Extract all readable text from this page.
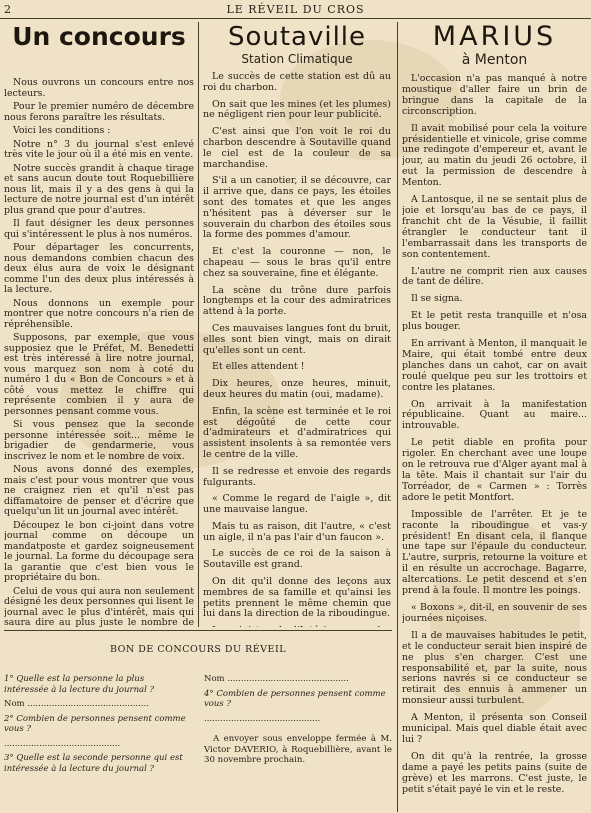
2	LE RÉVEIL DU CROS
Un concours

Nous ouvrons un concours entre nos lecteurs.

Pour le premier numéro de décembre nous ferons paraître les résultats.

Voici les conditions :

Notre n° 3 du journal s'est enlevé très vite le jour où il a été mis en vente.

Notre succès grandit à chaque tirage et sans aucun doute tout Roquebillière nous lit, mais il y a des gens à qui la lecture de notre journal est d'un intérêt plus grand que pour d'autres.

Il faut désigner les deux personnes qui s'intéressent le plus à nos numéros.

Pour départager les concurrents, nous demandons combien chacun des deux élus aura de voix le désignant comme l'un des deux plus intéressés à la lecture.

Nous donnons un exemple pour montrer que notre concours n'a rien de répréhensible.

Supposons, par exemple, que vous supposiez que le Préfet, M. Benedetti est très intéressé à lire notre journal, vous marquez son nom à coté du numéro 1 du « Bon de Concours » et à côté vous mettez le chiffre qui représente combien il y aura de personnes pensant comme vous.

Si vous pensez que la seconde personne intéressée soit... même le brigadier de gendarmerie, vous inscrivez le nom et le nombre de voix.

Nous avons donné des exemples, mais c'est pour vous montrer que vous ne craignez rien et qu'il n'est pas diffamatoire de penser et d'écrire que quelqu'un lit un journal avec intérêt.

Découpez le bon ci-joint dans votre journal comme on découpe un mandatposte et gardez soigneusement le journal. La forme du découpage sera la garantie que c'est bien vous le propriétaire du bon.

Celui de vous qui aura non seulement désigné les deux personnes qui lisent le journal avec le plus d'intérêt, mais qui saura dire au plus juste le nombre de

Soutaville
Station Climatique

Le succès de cette station est dû au roi du charbon.

On sait que les mines (et les plumes) ne négligent rien pour leur publicité.

C'est ainsi que l'on voit le roi du charbon descendre à Soutaville quand le ciel est de la couleur de sa marchandise.

S'il a un canotier, il se découvre, car il arrive que, dans ce pays, les étoiles sont des tomates et que les anges n'hésitent pas à déverser sur le souverain du charbon des étoiles sous la forme des pommes d'amour.

Et c'est la couronne — non, le chapeau — sous le bras qu'il entre chez sa souveraine, fine et élégante.

La scène du trône dure parfois longtemps et la cour des admiratrices attend à la porte.

Ces mauvaises langues font du bruit, elles sont bien vingt, mais on dirait qu'elles sont un cent.

Et elles attendent !

Dix heures, onze heures, minuit, deux heures du matin (oui, madame).

Enfin, la scène est terminée et le roi est dégoûté de cette cour d'admirateurs et d'admiratrices qui assistent insolents à sa remontée vers le centre de la ville.

Il se redresse et envoie des regards fulgurants.

« Comme le regard de l'aigle », dit une mauvaise langue.

Mais tu as raison, dit l'autre, « c'est un aigle, il n'a pas l'air d'un faucon ».

Le succès de ce roi de la saison à Soutaville est grand.

On dit qu'il donne des leçons aux membres de sa famille et qu'ainsi les petits prennent le même chemin que lui dans la direction de la riboudingue.

MARIUS
à Menton

L'occasion n'a pas manqué à notre moustique d'aller faire un brin de bringue dans la capitale de la circonscription.

Il avait mobilisé pour cela la voiture présidentielle et vinicole, grise comme une redingote d'empereur et, avant le jour, au matin du jeudi 26 octobre, il eut la permission de descendre à Menton.

A Lantosque, il ne se sentait plus de joie et lorsqu'au bas de ce pays, il franchit cht de la Vésubie, il faillit étrangler le conducteur tant il l'embarrassait dans les transports de son contentement.

L'autre ne comprit rien aux causes de tant de délire.

Il se signa.

Et le petit resta tranquille et n'osa plus bouger.

En arrivant à Menton, il manquait le Maire, qui était tombé entre deux planches dans un cahot, car on avait roulé quelque peu sur les trottoirs et contre les platanes.

On arrivait à la manifestation républicaine. Quant au maire... introuvable.

Le petit diable en profita pour rigoler. En cherchant avec une loupe on le retrouva rue d'Alger ayant mal à la tête. Mais il chantait sur l'air du Torréador, de « Carmen » : Torrès adore le petit Montfort.

Impossible de l'arrêter. Et je te raconte la riboudingue et vas-y président! En disant cela, il flanque une tape sur l'épaule du conducteur. L'autre, surpris, retourne la voiture et il en résulte un accrochage. Bagarre, altercations. Le petit descend et s'en prend à la foule. Il montre les poings.

« Boxons », dit-il, en souvenir de ses journées niçoises.

Il a de mauvaises habitudes le petit, et le conducteur serait bien inspiré de ne plus s'en charger. C'est une responsabilité et, par la suite, nous serions navrés si ce conducteur se retirait des ennuis à ammener un monsieur aussi turbulent.

A Menton, il présenta son Conseil municipal. Mais quel diable était avec lui ?

On dit qu'à la rentrée, la grosse dame a payé les petits pains (suite de grève) et les marrons. C'est juste, le petit s'était payé le vin et le reste.

BON DE CONCOURS DU RÉVEIL

1° Quelle est la personne la plus intéressée à la lecture du journal ?

Nom .............................................

2° Combien de personnes pensent comme vous ?

...........................................

3° Quelle est la seconde personne qui est intéressée à la lecture du journal ?

Nom .............................................

4° Combien de personnes pensent comme vous ?

...........................................

A envoyer sous enveloppe fermée à M. Victor DAVERIO, à Roquebillière, avant le 30 novembre prochain.
